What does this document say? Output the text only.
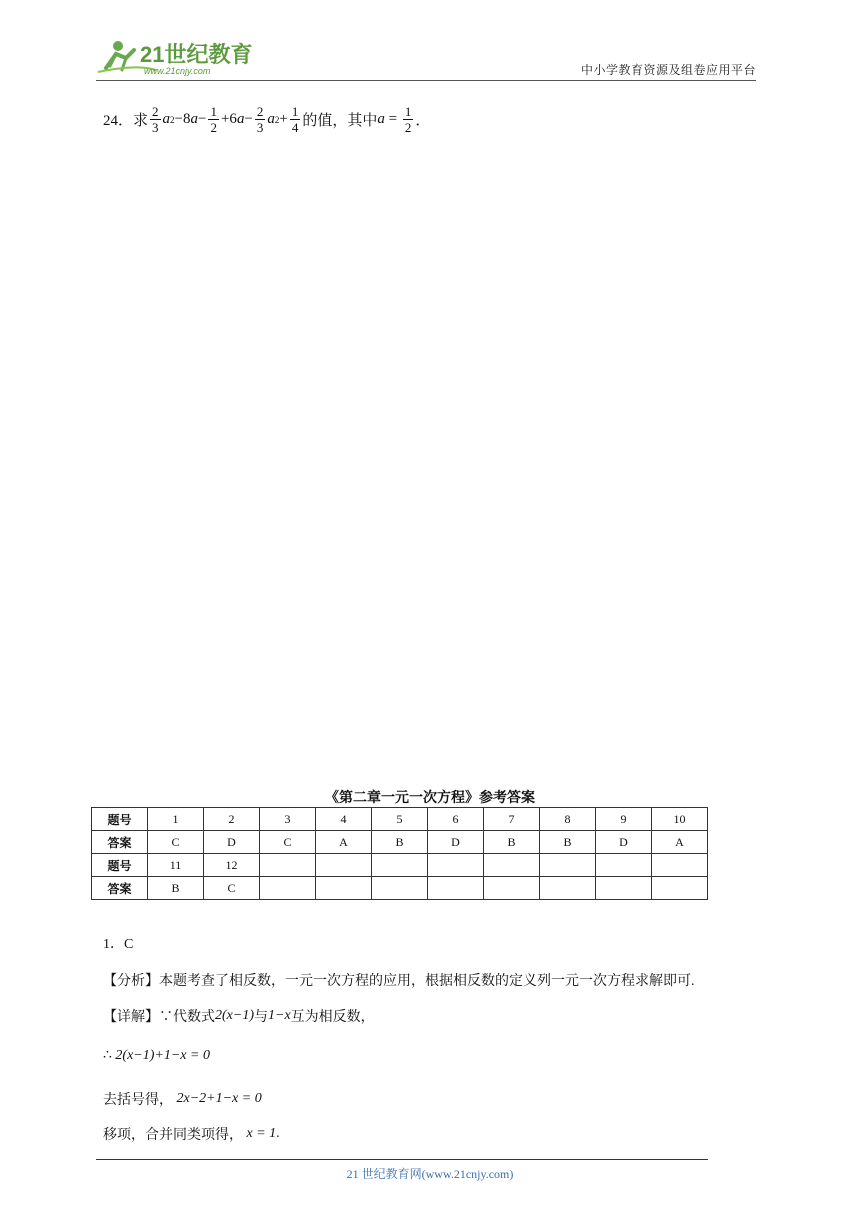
21世纪教育
www.21cnjy.com	中小学教育资源及组卷应用平台
24． 求 $\frac{2}{3}$ a 2 −8 $a - \frac{1}{2} +6$ $a - \frac{2}{3}$ a $2 + \frac{1}{4}$ 的值，其中 $a = \frac{1}{2}$ ．
《第二章一元一次方程》参考答案
题号	1	2	3	4	5	6	7	8	9	10
答案	C	D	C	A	B	D	B	B	D	A
题号	11	12								
答案	B	C								
1．C
【分析】本题考查了相反数，一元一次方程的应用，根据相反数的定义列一元一次方程求解即可.
【详解】∵代数式 2(x−1) 与 1−x 互为相反数，
∴
2(x−1)+1−x = 0
去括号得，
2x−2+1−x = 0
移项，合并同类项得，
x = 1 .
21 世纪教育网(www.21cnjy.com)
